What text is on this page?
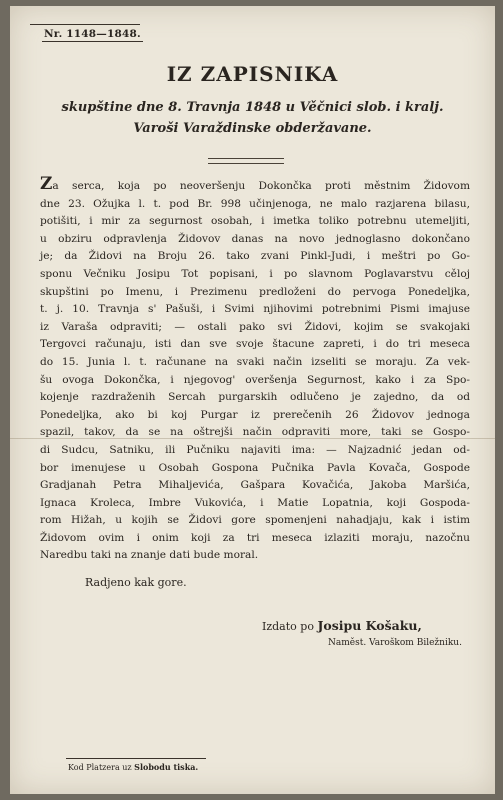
Nr. 1148—1848.
IZ ZAPISNIKA
skupštine dne 8. Travnja 1848 u Věčnici slob. i kralj.
Varoši Varaždinske obderžavane.
Za serca, koja po neoveršenju Dokončka proti městnim Židovom
dne 23. Ožujka l. t. pod Br. 998 učinjenoga, ne malo razjarena bilasu,
potišiti, i mir za segurnost osobah, i imetka toliko potrebnu utemeljiti,
u obziru odpravlenja Židovov danas na novo jednoglasno dokončano
je; da Židovi na Broju 26. tako zvani Pinkl-Judi, i meštri po Go-
sponu Večniku Josipu Tot popisani, i po slavnom Poglavarstvu cěloj
skupštini po Imenu, i Prezimenu predloženi do pervoga Ponedeljka,
t. j. 10. Travnja s' Pašuši, i Svimi njihovimi potrebnimi Pismi imajuse
iz Varaša odpraviti; — ostali pako svi Židovi, kojim se svakojaki
Tergovci računaju, isti dan sve svoje štacune zapreti, i do tri meseca
do 15. Junia l. t. računane na svaki način izseliti se moraju. Za vek-
šu ovoga Dokončka, i njegovog' overšenja Segurnost, kako i za Spo-
kojenje razdraženih Sercah purgarskih odlučeno je zajedno, da od
Ponedeljka, ako bi koj Purgar iz prerečenih 26 Židovov jednoga
spazil, takov, da se na oštrejši način odpraviti more, taki se Gospo-
di Sudcu, Satniku, ili Pučniku najaviti ima: — Najzadnić jedan od-
bor imenujese u Osobah Gospona Pučnika Pavla Kovača, Gospode
Gradjanah Petra Mihaljevića, Gašpara Kovačića, Jakoba Maršića,
Ignaca Kroleca, Imbre Vukovića, i Matie Lopatnia, koji Gospoda-
rom Hižah, u kojih se Židovi gore spomenjeni nahadjaju, kak i istim
Židovom ovim i onim koji za tri meseca izlaziti moraju, nazočnu
Naredbu taki na znanje dati bude moral.
Radjeno kak gore.
Izdato po Josipu Košaku,
Naměst. Varoškom Biležniku.
Kod Platzera uz Slobodu tiska.
